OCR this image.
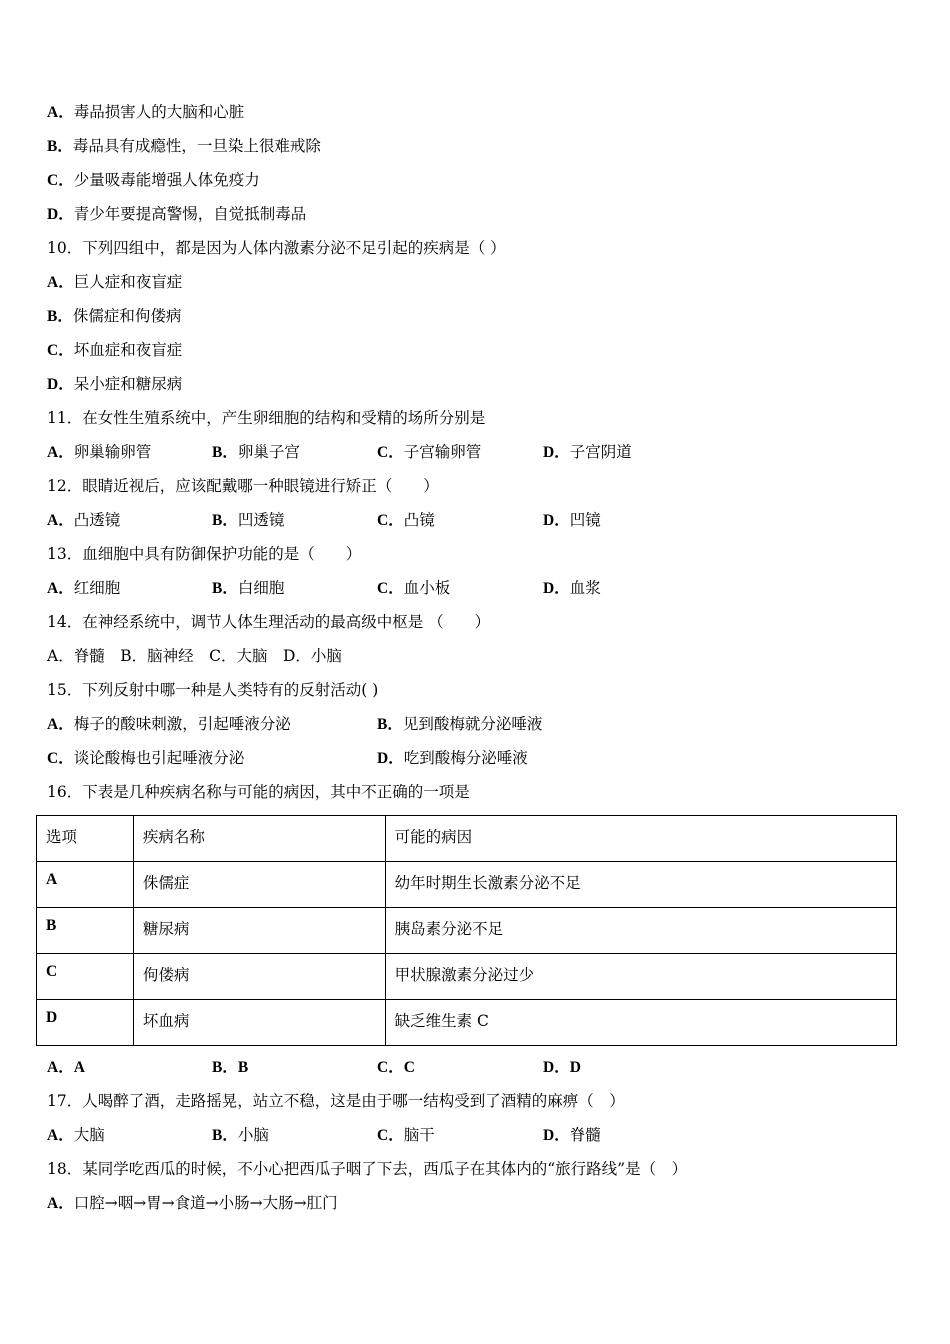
A．毒品损害人的大脑和心脏
B．毒品具有成瘾性，一旦染上很难戒除
C．少量吸毒能增强人体免疫力
D．青少年要提高警惕，自觉抵制毒品
10．下列四组中，都是因为人体内激素分泌不足引起的疾病是（ ）
A．巨人症和夜盲症
B．侏儒症和佝偻病
C．坏血症和夜盲症
D．呆小症和糖尿病
11．在女性生殖系统中，产生卵细胞的结构和受精的场所分别是
A．卵巢输卵管	B．卵巢子宫	C．子宫输卵管	D．子宫阴道
12．眼睛近视后，应该配戴哪一种眼镜进行矫正（　　）
A．凸透镜	B．凹透镜	C．凸镜	D．凹镜
13．血细胞中具有防御保护功能的是（　　）
A．红细胞	B．白细胞	C．血小板	D．血浆
14．在神经系统中，调节人体生理活动的最高级中枢是 （　　）
A．脊髓　B．脑神经　C．大脑　D．小脑
15．下列反射中哪一种是人类特有的反射活动( )
A．梅子的酸味刺激，引起唾液分泌	B．见到酸梅就分泌唾液
C．谈论酸梅也引起唾液分泌	D．吃到酸梅分泌唾液
16．下表是几种疾病名称与可能的病因，其中不正确的一项是
选项	疾病名称	可能的病因
A	侏儒症	幼年时期生长激素分泌不足
B	糖尿病	胰岛素分泌不足
C	佝偻病	甲状腺激素分泌过少
D	坏血病	缺乏维生素 C
A．A	B．B	C．C	D．D
17．人喝醉了酒，走路摇晃，站立不稳，这是由于哪一结构受到了酒精的麻痹（　）
A．大脑	B．小脑	C．脑干	D．脊髓
18．某同学吃西瓜的时候，不小心把西瓜子咽了下去，西瓜子在其体内的“旅行路线”是（　）
A．口腔→咽→胃→食道→小肠→大肠→肛门
